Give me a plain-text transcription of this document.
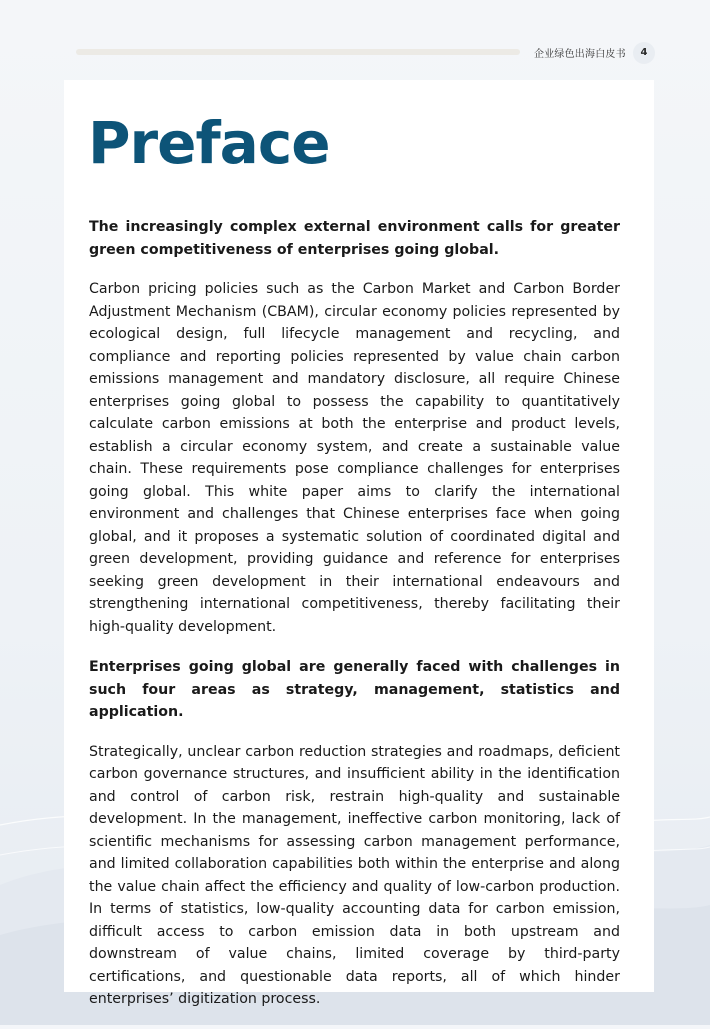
企业绿色出海白皮书	4
Preface

The increasingly complex external environment calls for greater green competitiveness of enterprises going global.

Carbon pricing policies such as the Carbon Market and Carbon Border Adjustment Mechanism (CBAM), circular economy policies represented by ecological design, full lifecycle management and recycling, and compliance and reporting policies represented by value chain carbon emissions management and mandatory disclosure, all require Chinese enterprises going global to possess the capability to quantitatively calculate carbon emissions at both the enterprise and product levels, establish a circular economy system, and create a sustainable value chain. These requirements pose compliance challenges for enterprises going global. This white paper aims to clarify the international environment and challenges that Chinese enterprises face when going global, and it proposes a systematic solution of coordinated digital and green development, providing guidance and reference for enterprises seeking green development in their international endeavours and strengthening international competitiveness, thereby facilitating their high-quality development.

Enterprises going global are generally faced with challenges in such four areas as strategy, management, statistics and application.

Strategically, unclear carbon reduction strategies and roadmaps, deficient carbon governance structures, and insufficient ability in the identification and control of carbon risk, restrain high-quality and sustainable development. In the management, ineffective carbon monitoring, lack of scientific mechanisms for assessing carbon management performance, and limited collaboration capabilities both within the enterprise and along the value chain affect the efficiency and quality of low-carbon production. In terms of statistics, low-quality accounting data for carbon emission, difficult access to carbon emission data in both upstream and downstream of value chains, limited coverage by third-party certifications, and questionable data reports, all of which hinder enterprises’ digitization process.
